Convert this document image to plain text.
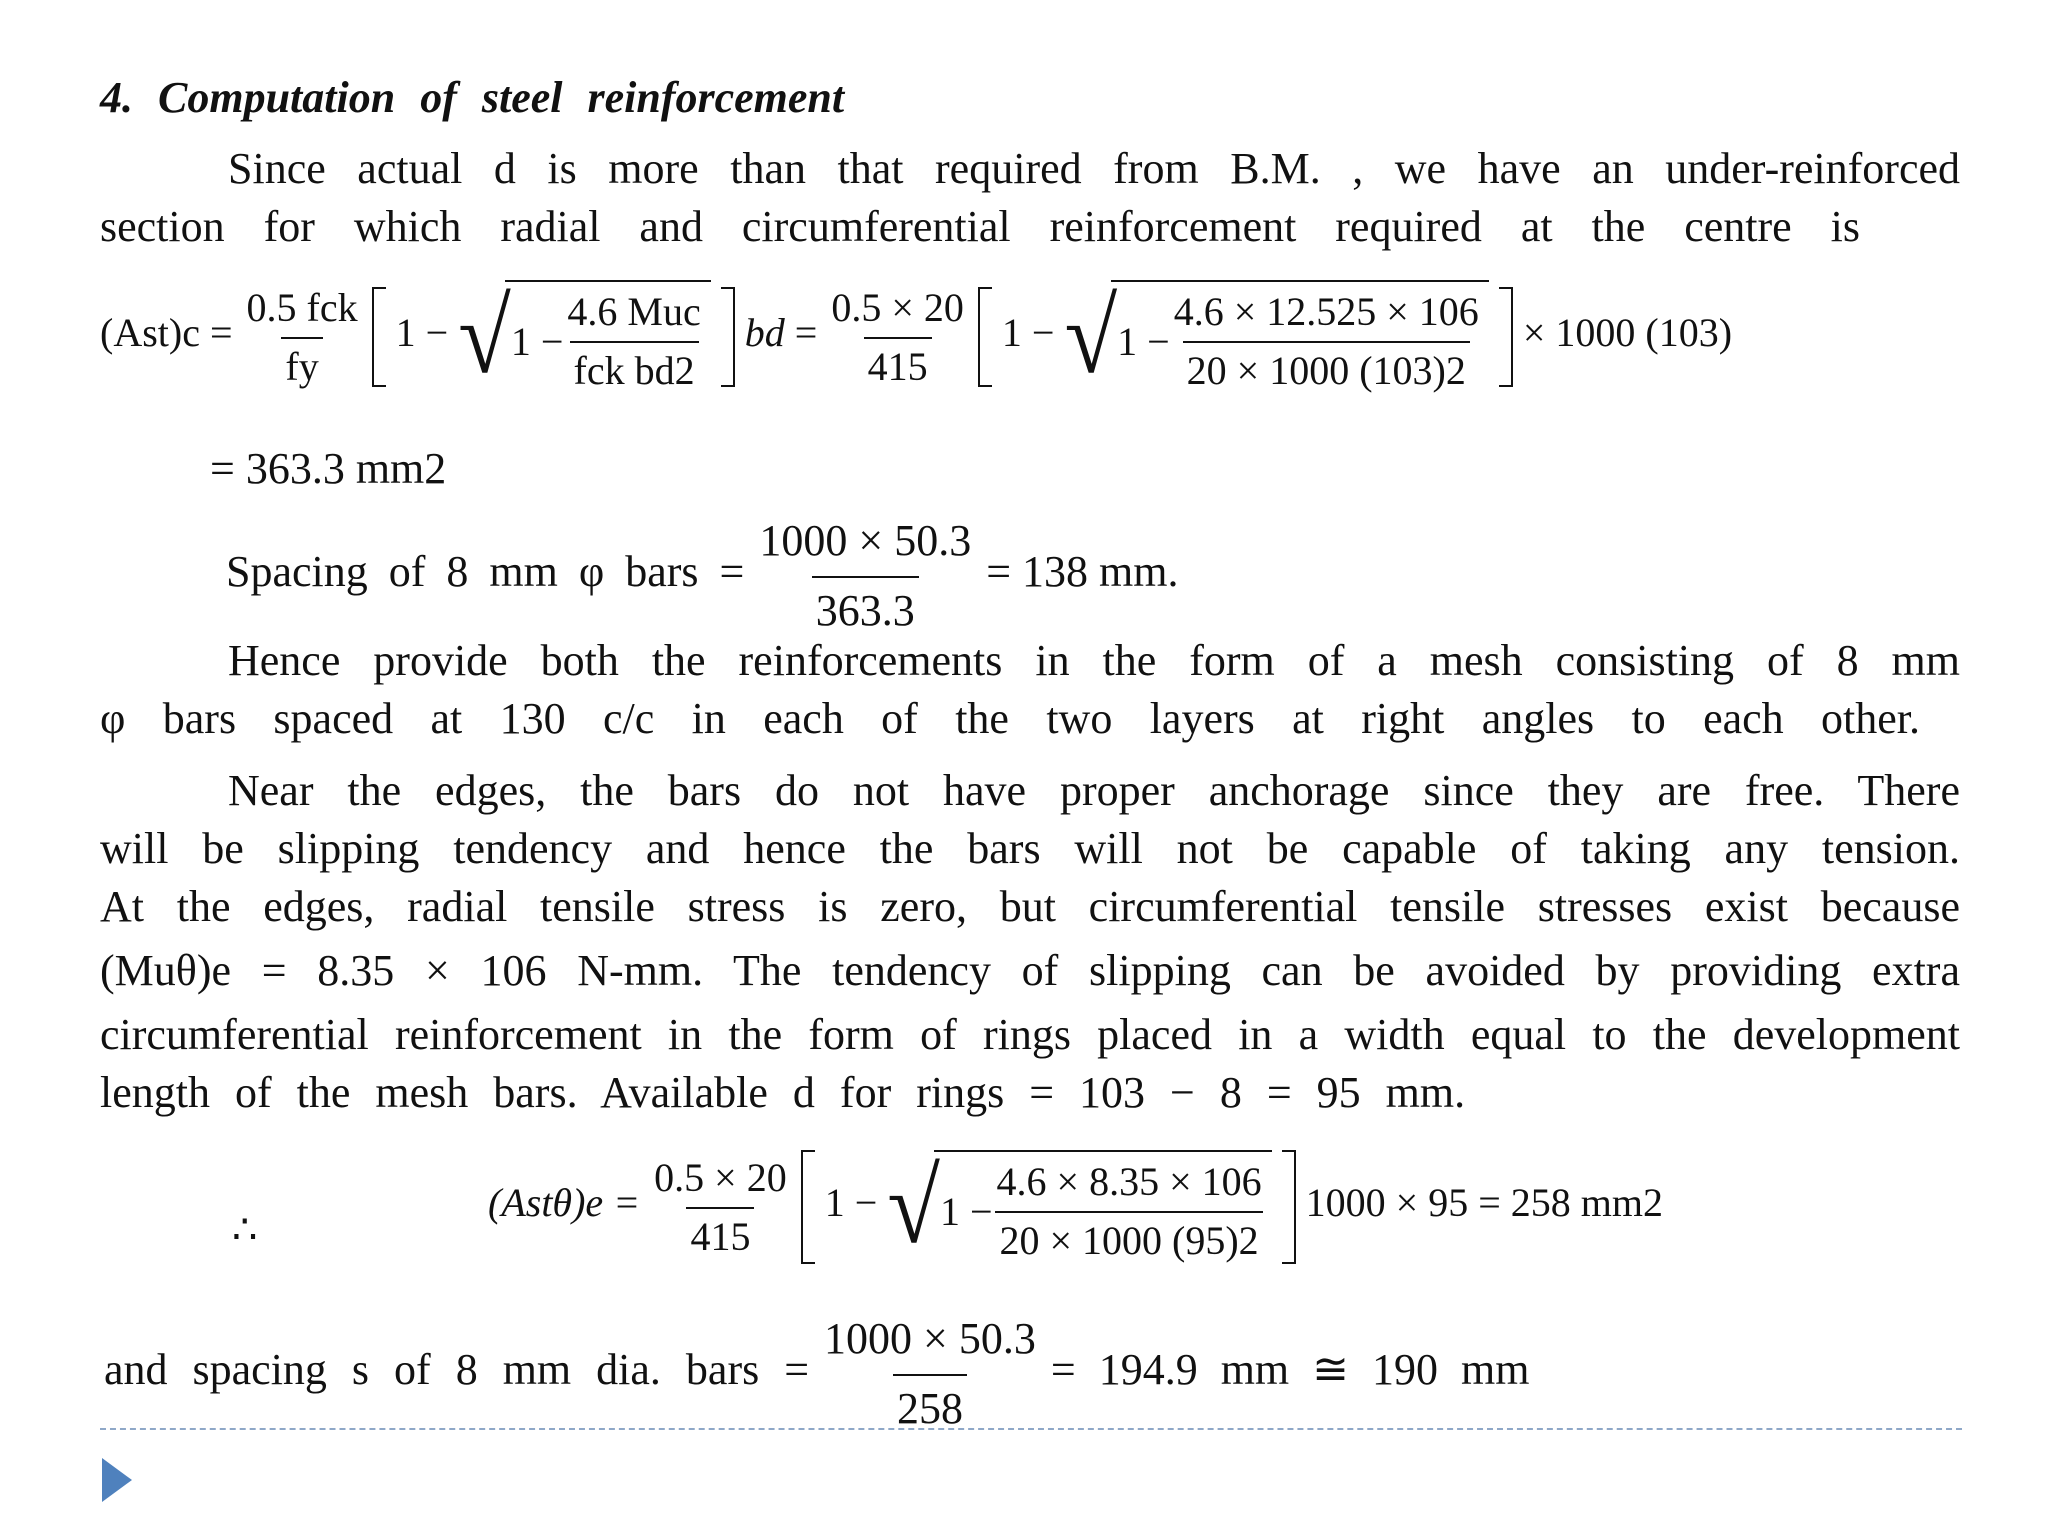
4. Computation of steel reinforcement
Since actual d is more than that required from B.M. , we have an under-reinforced
section for which radial and circumferential reinforcement required at the centre is
$(Ast)c = \frac{\text{0.5 fck}}{fy} 1$ − √ $1 - \frac{\text{4.6 Muc}}{\text{fck bd2}}$ bd = $\frac{0.5 \times 20}{415} 1$ − √ $1 - \frac{4.6 \times 12.525 \times 106}{20 \times 1000 (103)2} \times 1000$ (103)
= 363.3 mm2
Spacing of 8 mm φ bars = $\frac{1000 \times 50.3}{363.3} = 138$ mm.
Hence provide both the reinforcements in the form of a mesh consisting of 8 mm
φ bars spaced at 130 c/c in each of the two layers at right angles to each other.
Near the edges, the bars do not have proper anchorage since they are free. There
will be slipping tendency and hence the bars will not be capable of taking any tension.
At the edges, radial tensile stress is zero, but circumferential tensile stresses exist because
(Muθ)e = 8.35 × 106 N-mm. The tendency of slipping can be avoided by providing extra
circumferential reinforcement in the form of rings placed in a width equal to the development
length of the mesh bars. Available d for rings = 103 − 8 = 95 mm.
∴
$(Ast\theta)e = \frac{0.5 \times 20}{415} 1$ − √ $1 - \frac{4.6 \times 8.35 \times 106}{20 \times 1000 (95)2} 1000 \times 95 = 258$ mm2
and spacing s of 8 mm dia. bars = $\frac{1000 \times 50.3}{258} = 194.9$ mm ≅ 190 mm
